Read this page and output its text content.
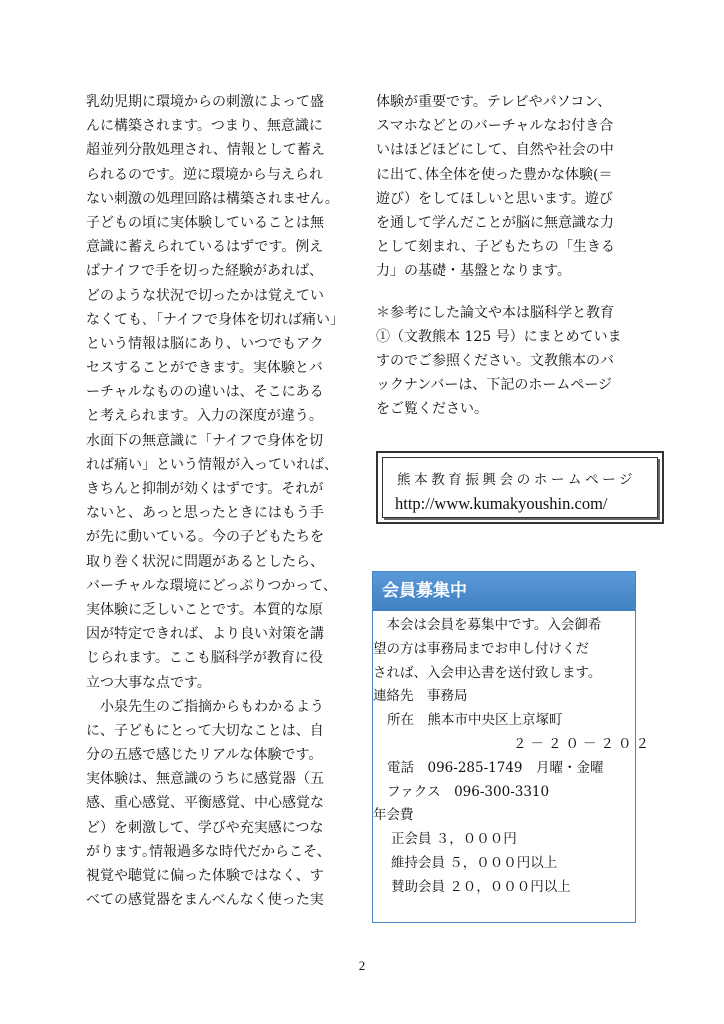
乳幼児期に環境からの刺激によって盛
んに構築されます。つまり、無意識に
超並列分散処理され、情報として蓄え
られるのです。逆に環境から与えられ
ない刺激の処理回路は構築されません。
子どもの頃に実体験していることは無
意識に蓄えられているはずです。例え
ばナイフで手を切った経験があれば、
どのような状況で切ったかは覚えてい
なくても､「ナイフで身体を切れば痛い」
という情報は脳にあり、いつでもアク
セスすることができます。実体験とバ
ーチャルなものの違いは、そこにある
と考えられます。入力の深度が違う。
水面下の無意識に「ナイフで身体を切
れば痛い」という情報が入っていれば、
きちんと抑制が効くはずです。それが
ないと、あっと思ったときにはもう手
が先に動いている。今の子どもたちを
取り巻く状況に問題があるとしたら、
バーチャルな環境にどっぷりつかって、
実体験に乏しいことです。本質的な原
因が特定できれば、より良い対策を講
じられます。ここも脳科学が教育に役
立つ大事な点です。
　小泉先生のご指摘からもわかるよう
に、子どもにとって大切なことは、自
分の五感で感じたリアルな体験です。
実体験は、無意識のうちに感覚器（五
感、重心感覚、平衡感覚、中心感覚な
ど）を刺激して、学びや充実感につな
がります｡情報過多な時代だからこそ、
視覚や聴覚に偏った体験ではなく、す
べての感覚器をまんべんなく使った実
体験が重要です。テレビやパソコン、
スマホなどとのバーチャルなお付き合
いはほどほどにして、自然や社会の中
に出て､体全体を使った豊かな体験(＝
遊び）をしてほしいと思います。遊び
を通して学んだことが脳に無意識な力
として刻まれ、子どもたちの「生きる
力」の基礎・基盤となります。
＊参考にした論文や本は脳科学と教育
①（文教熊本 125 号）にまとめていま
すのでご参照ください。文教熊本のバ
ックナンバーは、下記のホームページ
をご覧ください。
熊本教育振興会のホームページ
http://www.kumakyoushin.com/
会員募集中
　本会は会員を募集中です。入会御希
望の方は事務局までお申し付けくだ
されば、入会申込書を送付致します。
連絡先　事務局
所在　熊本市中央区上京塚町
２－２０－２０２
電話　096-285-1749　月曜・金曜
ファクス　096-300-3310
年会費
正会員 ３，０００円
維持会員 ５，０００円以上
賛助会員 ２０，０００円以上
2
